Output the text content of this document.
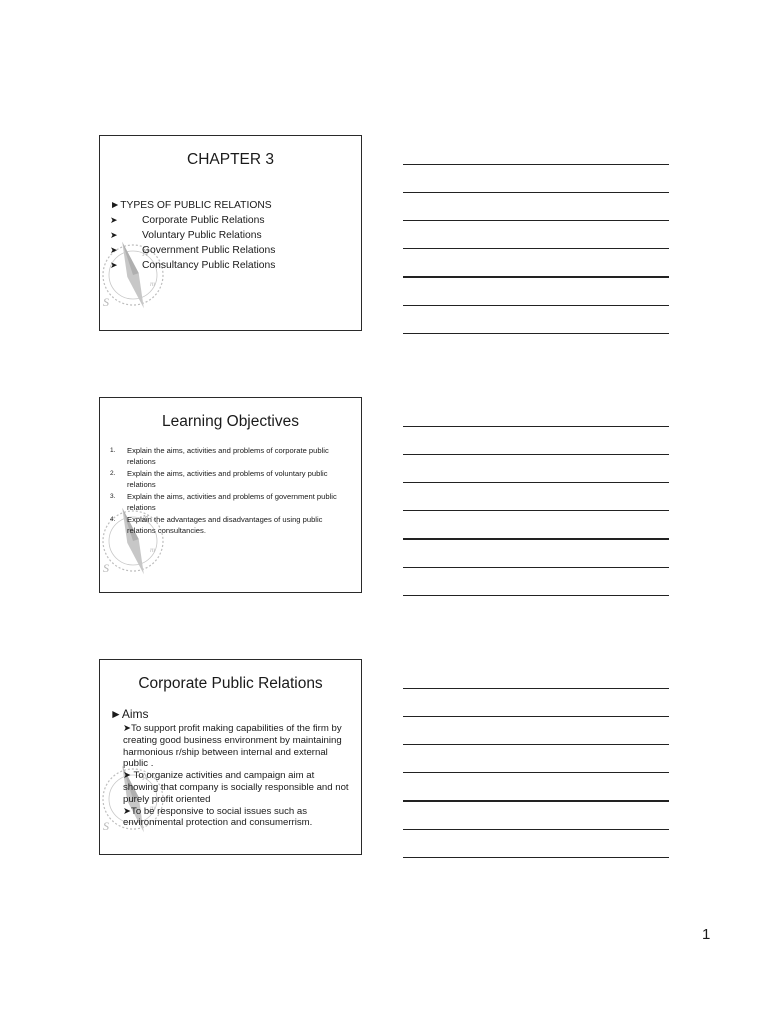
CHAPTER 3
►TYPES OF PUBLIC RELATIONS
➤	Corporate Public Relations
➤	Voluntary Public Relations
➤	Government Public Relations
➤	Consultancy Public Relations
Learning Objectives
1.	Explain the aims, activities and problems of corporate public relations
2.	Explain the aims, activities and problems of voluntary public relations
3.	Explain the aims, activities and problems of government public relations
4.	Explain the advantages and disadvantages of using public relations consultancies.
Corporate Public Relations
►Aims
➤To support profit making capabilities of the firm by creating good business environment by maintaining harmonious r/ship between internal and external public .
➤ To organize activities and campaign aim at showing that company is socially responsible and not purely profit oriented
➤To be responsive to social issues such as environmental protection and consumerrism.
1
